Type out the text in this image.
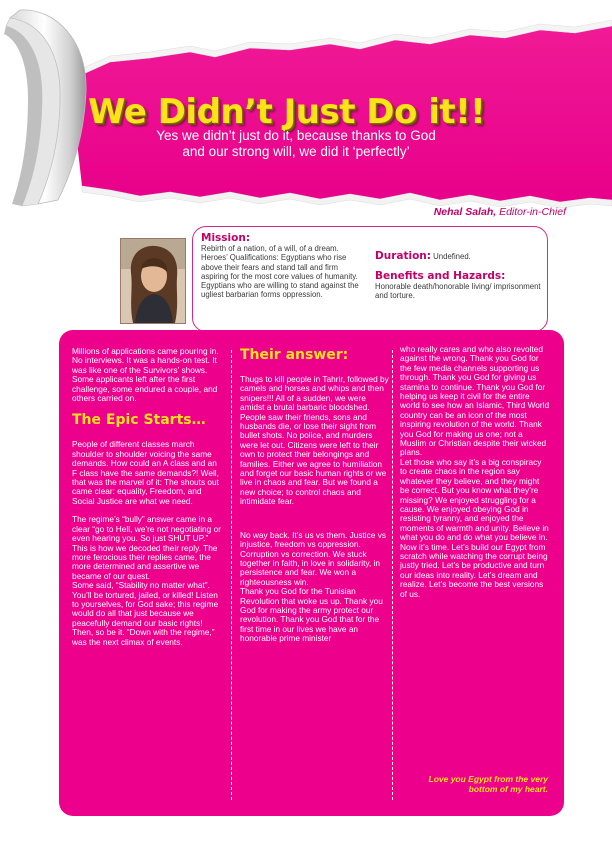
We Didn’t Just Do it!!
Yes we didn’t just do it, because thanks to God
and our strong will, we did it ‘perfectly’
Nehal Salah, Editor-in-Chief
Mission:
Rebirth of a nation, of a will, of a dream.
Heroes’ Qualifications: Egyptians who rise above their fears and stand tall and firm aspiring for the most core values of humanity. Egyptians who are willing to stand against the ugliest barbarian forms oppression.
Duration: Undefined.
Benefits and Hazards:
Honorable death/honorable living/ imprisonment and torture.

Millions of applications came pouring in. No interviews. It was a hands-on test. It was like one of the Survivors’ shows. Some applicants left after the first challenge, some endured a couple, and others carried on.

The Epic Starts…

People of different classes march shoulder to shoulder voicing the same demands. How could an A class and an F class have the same demands?! Well, that was the marvel of it: The shouts out came clear: equality, Freedom, and Social Justice are what we need.

The regime’s “bully” answer came in a clear “go to Hell, we’re not negotiating or even hearing you. So just SHUT UP.” This is how we decoded their reply. The more ferocious their replies came, the more determined and assertive we became of our quest.

Some said, “Stability no matter what”. You’ll be tortured, jailed, or killed! Listen to yourselves, for God sake; this regime would do all that just because we peacefully demand our basic rights! Then, so be it. “Down with the regime,” was the next climax of events.

Their answer:

Thugs to kill people in Tahrir, followed by camels and horses and whips and then snipers!!! All of a sudden, we were amidst a brutal barbaric bloodshed. People saw their friends, sons and husbands die, or lose their sight from bullet shots. No police, and murders were let out. Citizens were left to their own to protect their belongings and families. Either we agree to humiliation and forget our basic human rights or we live in chaos and fear. But we found a new choice; to control chaos and intimidate fear.

No way back. It’s us vs them. Justice vs injustice, freedom vs oppression. Corruption vs correction. We stuck together in faith, in love in solidarity, in persistence and fear. We won a righteousness win.

Thank you God for the Tunisian Revolution that woke us up. Thank you God for making the army protect our revolution. Thank you God that for the first time in our lives we have an honorable prime minister

who really cares and who also revolted against the wrong. Thank you God for the few media channels supporting us through. Thank you God for giving us stamina to continue. Thank you God for helping us keep it civil for the entire world to see how an Islamic, Third World country can be an icon of the most inspiring revolution of the world. Thank you God for making us one; not a Muslim or Christian despite their wicked plans.

Let those who say it’s a big conspiracy to create chaos in the region say whatever they believe, and they might be correct. But you know what they’re missing? We enjoyed struggling for a cause. We enjoyed obeying God in resisting tyranny, and enjoyed the moments of warmth and unity. Believe in what you do and do what you believe in. Now it’s time. Let’s build our Egypt from scratch while watching the corrupt being justly tried. Let’s be productive and turn our ideas into reality. Let’s dream and realize. Let’s become the best versions of us.

Love you Egypt from the very bottom of my heart.
